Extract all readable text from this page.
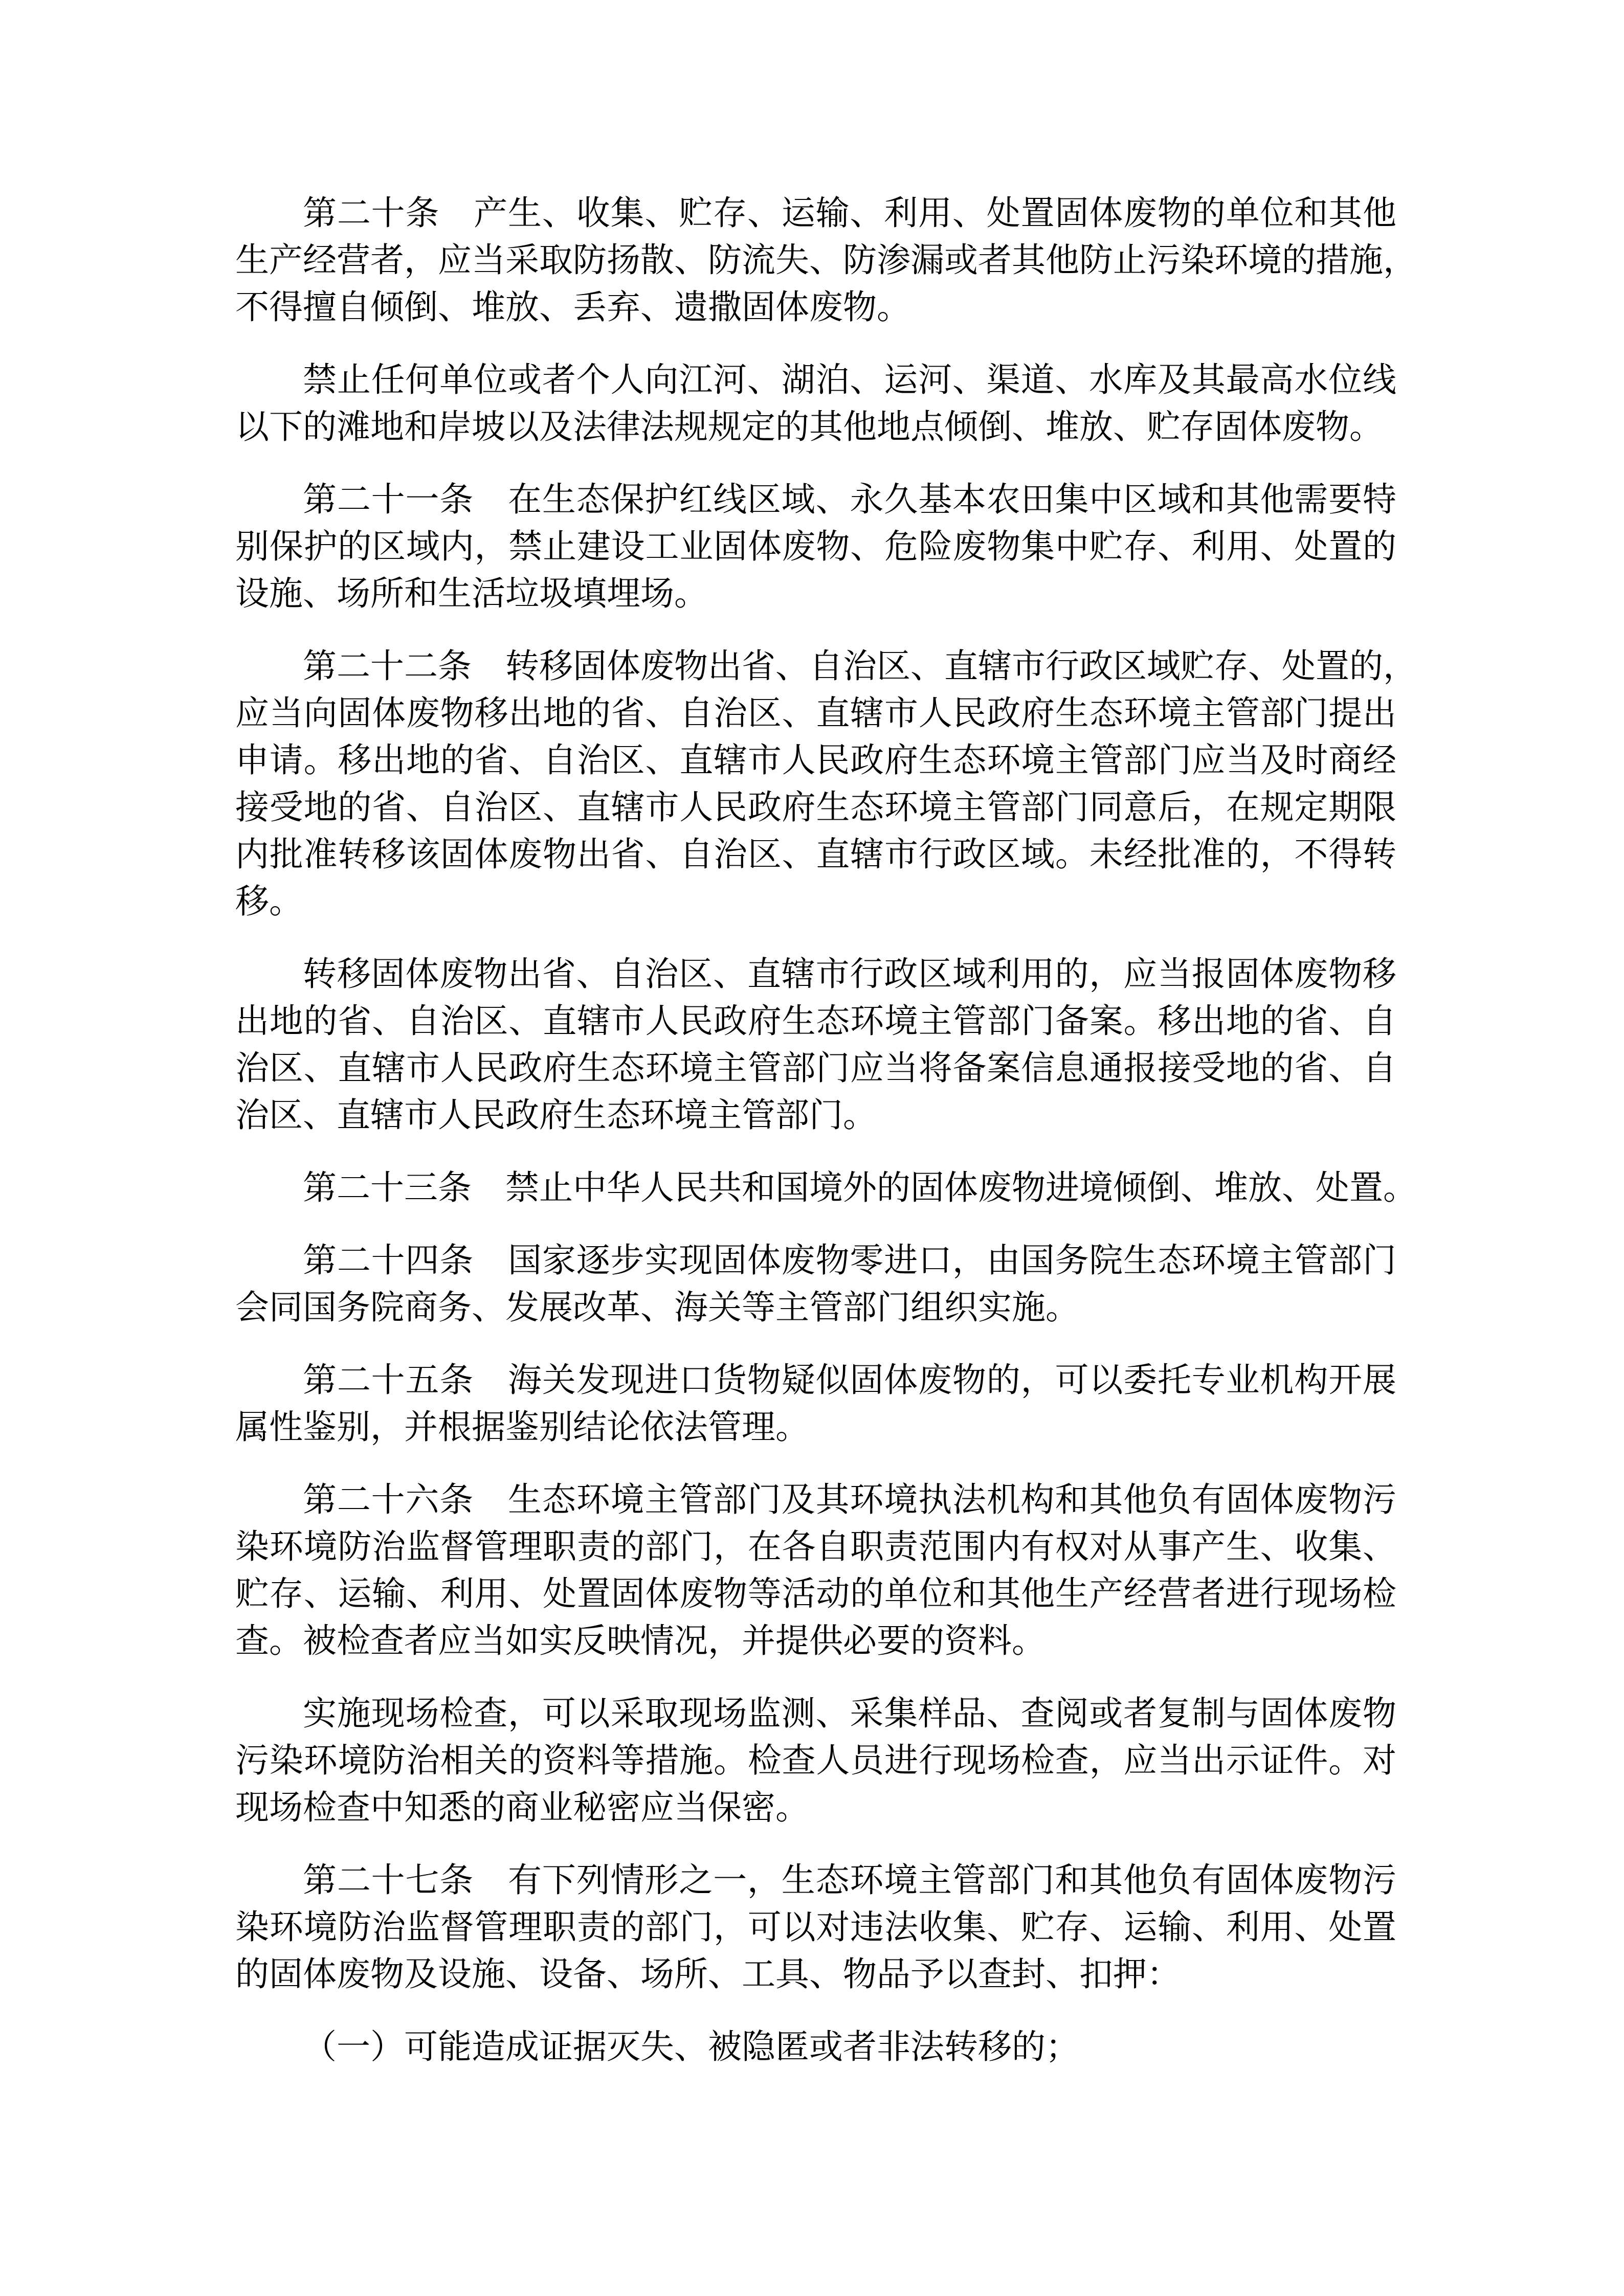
第二十条　产生、收集、贮存、运输、利用、处置固体废物的单位和其他
生产经营者，应当采取防扬散、防流失、防渗漏或者其他防止污染环境的措施，
不得擅自倾倒、堆放、丢弃、遗撒固体废物。
禁止任何单位或者个人向江河、湖泊、运河、渠道、水库及其最高水位线
以下的滩地和岸坡以及法律法规规定的其他地点倾倒、堆放、贮存固体废物。
第二十一条　在生态保护红线区域、永久基本农田集中区域和其他需要特
别保护的区域内，禁止建设工业固体废物、危险废物集中贮存、利用、处置的
设施、场所和生活垃圾填埋场。
第二十二条　转移固体废物出省、自治区、直辖市行政区域贮存、处置的，
应当向固体废物移出地的省、自治区、直辖市人民政府生态环境主管部门提出
申请。移出地的省、自治区、直辖市人民政府生态环境主管部门应当及时商经
接受地的省、自治区、直辖市人民政府生态环境主管部门同意后，在规定期限
内批准转移该固体废物出省、自治区、直辖市行政区域。未经批准的，不得转
移。
转移固体废物出省、自治区、直辖市行政区域利用的，应当报固体废物移
出地的省、自治区、直辖市人民政府生态环境主管部门备案。移出地的省、自
治区、直辖市人民政府生态环境主管部门应当将备案信息通报接受地的省、自
治区、直辖市人民政府生态环境主管部门。
第二十三条　禁止中华人民共和国境外的固体废物进境倾倒、堆放、处置。
第二十四条　国家逐步实现固体废物零进口，由国务院生态环境主管部门
会同国务院商务、发展改革、海关等主管部门组织实施。
第二十五条　海关发现进口货物疑似固体废物的，可以委托专业机构开展
属性鉴别，并根据鉴别结论依法管理。
第二十六条　生态环境主管部门及其环境执法机构和其他负有固体废物污
染环境防治监督管理职责的部门，在各自职责范围内有权对从事产生、收集、
贮存、运输、利用、处置固体废物等活动的单位和其他生产经营者进行现场检
查。被检查者应当如实反映情况，并提供必要的资料。
实施现场检查，可以采取现场监测、采集样品、查阅或者复制与固体废物
污染环境防治相关的资料等措施。检查人员进行现场检查，应当出示证件。对
现场检查中知悉的商业秘密应当保密。
第二十七条　有下列情形之一，生态环境主管部门和其他负有固体废物污
染环境防治监督管理职责的部门，可以对违法收集、贮存、运输、利用、处置
的固体废物及设施、设备、场所、工具、物品予以查封、扣押：
（一）可能造成证据灭失、被隐匿或者非法转移的；
